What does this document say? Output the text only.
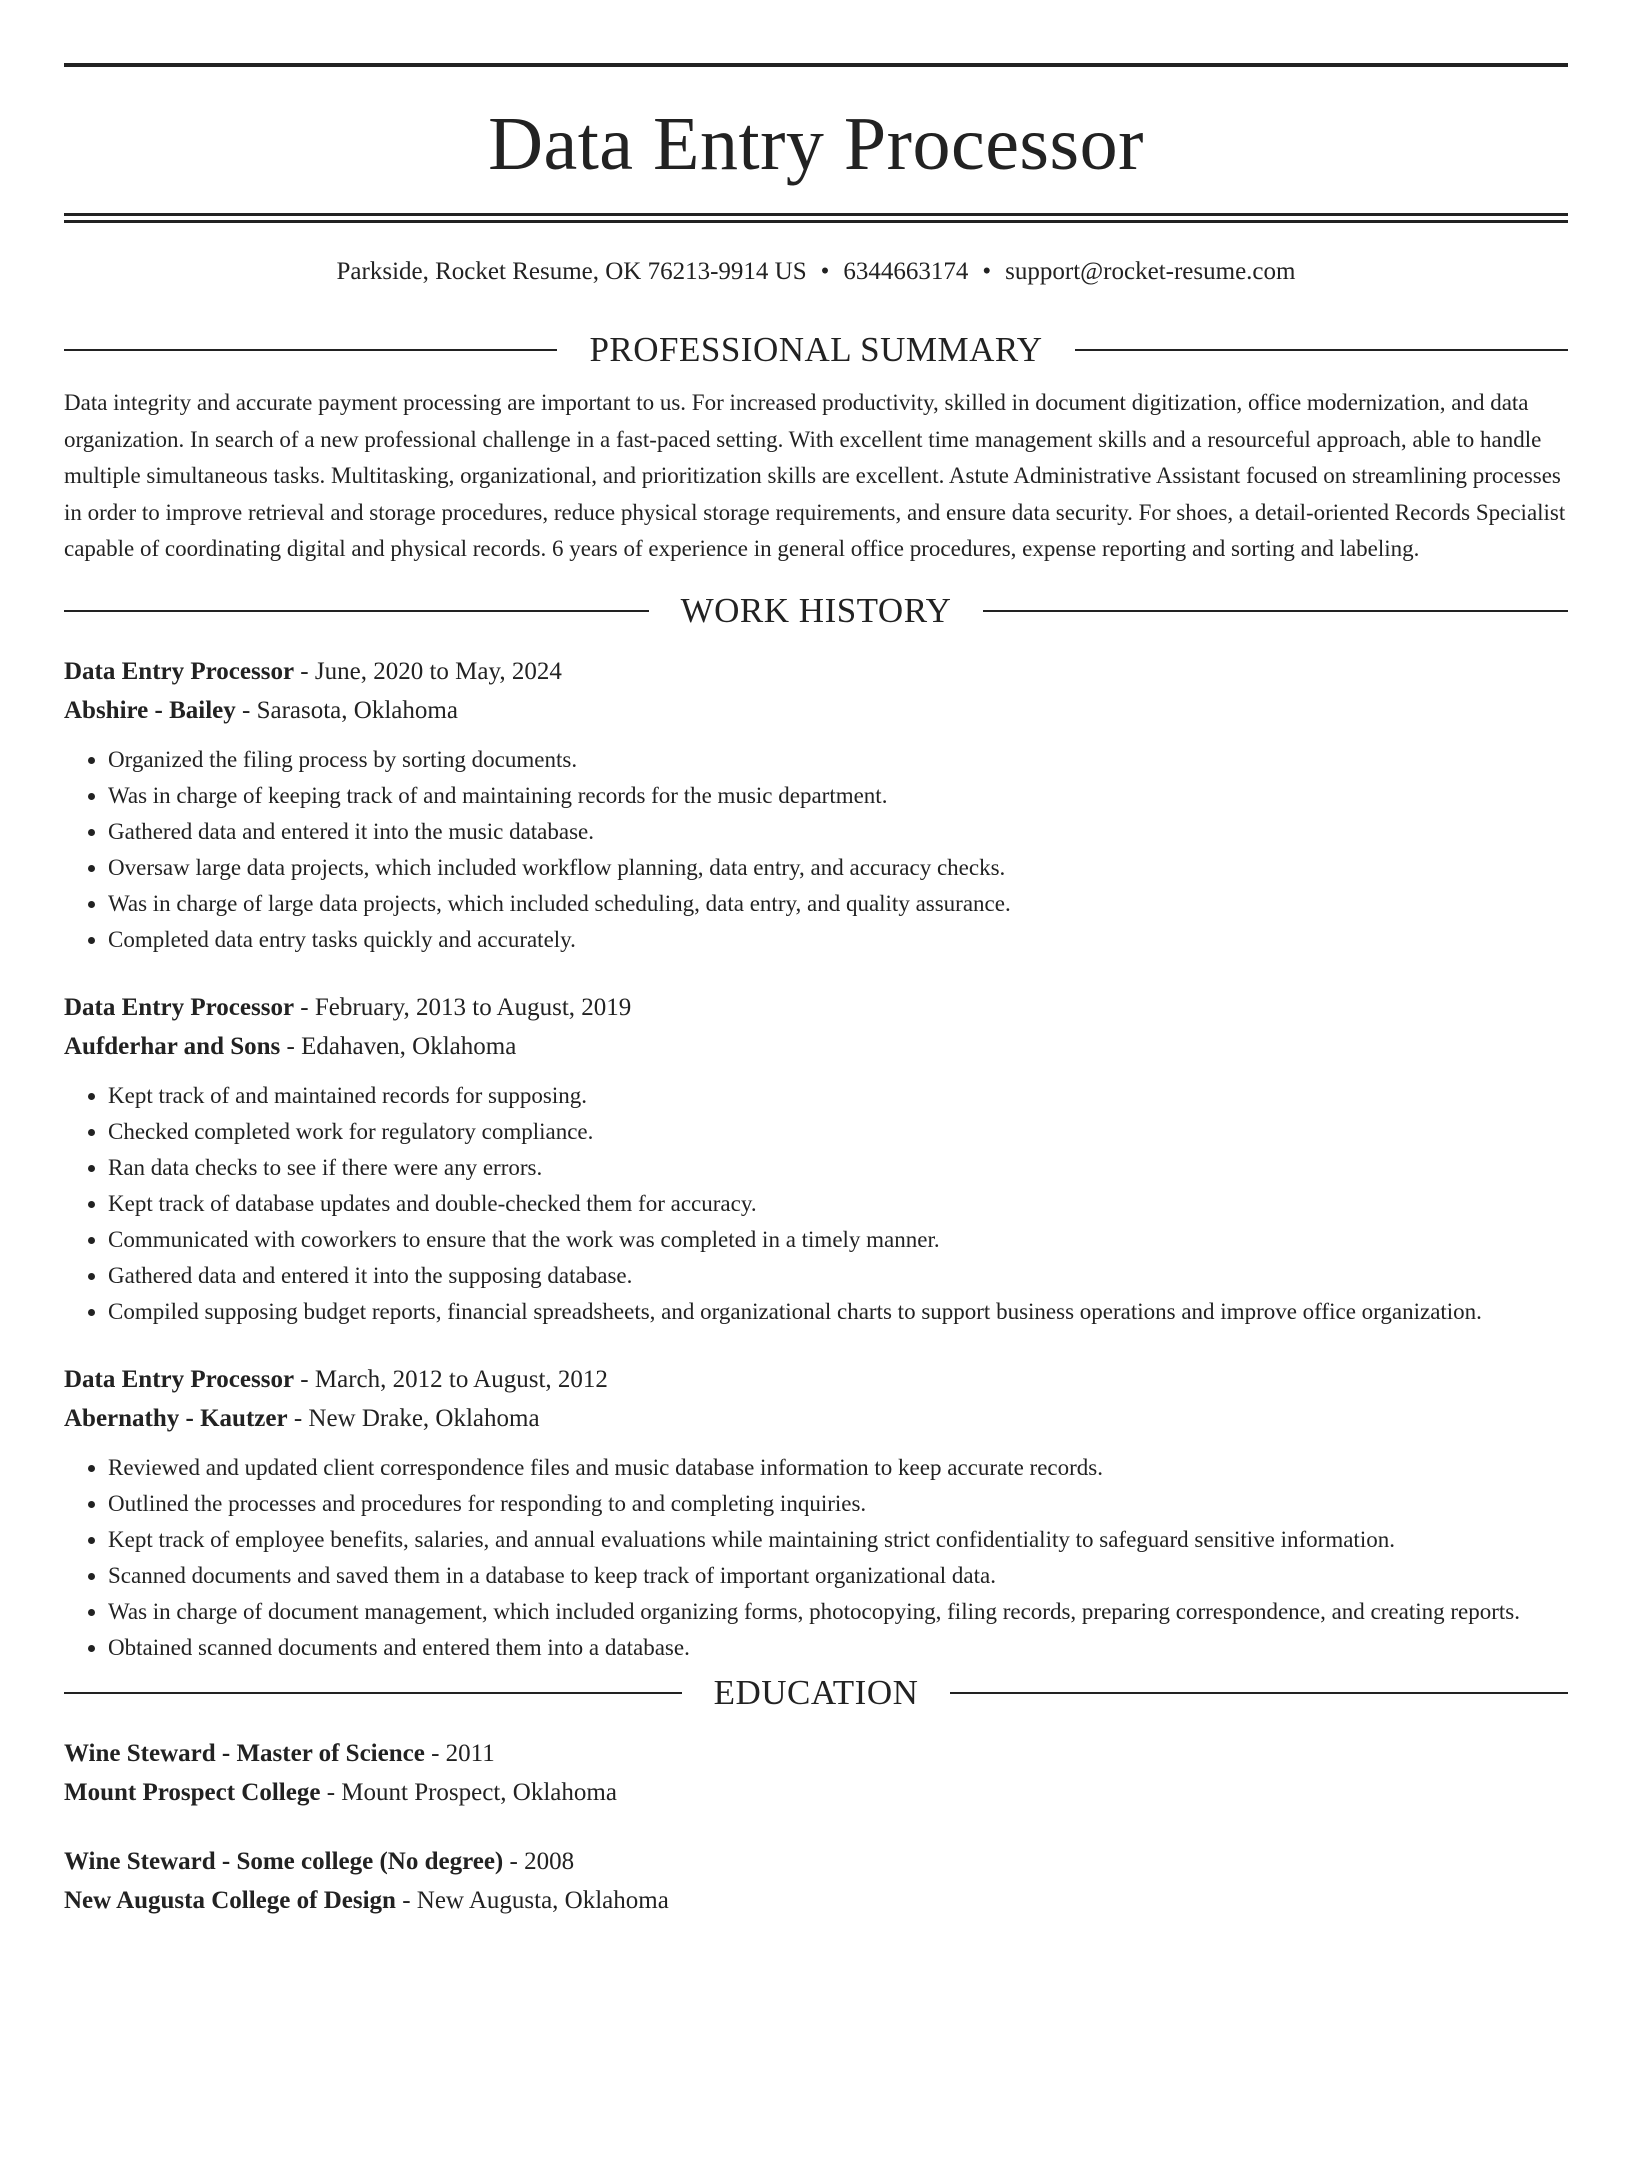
Data Entry Processor
Parkside, Rocket Resume, OK 76213-9914 US • 6344663174 • support@rocket-resume.com
PROFESSIONAL SUMMARY

Data integrity and accurate payment processing are important to us. For increased productivity, skilled in document digitization, office modernization, and data organization. In search of a new professional challenge in a fast-paced setting. With excellent time management skills and a resourceful approach, able to handle multiple simultaneous tasks. Multitasking, organizational, and prioritization skills are excellent. Astute Administrative Assistant focused on streamlining processes in order to improve retrieval and storage procedures, reduce physical storage requirements, and ensure data security. For shoes, a detail-oriented Records Specialist capable of coordinating digital and physical records. 6 years of experience in general office procedures, expense reporting and sorting and labeling.

WORK HISTORY
Data Entry Processor - June, 2020 to May, 2024
Abshire - Bailey - Sarasota, Oklahoma
• Organized the filing process by sorting documents.
• Was in charge of keeping track of and maintaining records for the music department.
• Gathered data and entered it into the music database.
• Oversaw large data projects, which included workflow planning, data entry, and accuracy checks.
• Was in charge of large data projects, which included scheduling, data entry, and quality assurance.
• Completed data entry tasks quickly and accurately.
Data Entry Processor - February, 2013 to August, 2019
Aufderhar and Sons - Edahaven, Oklahoma
• Kept track of and maintained records for supposing.
• Checked completed work for regulatory compliance.
• Ran data checks to see if there were any errors.
• Kept track of database updates and double-checked them for accuracy.
• Communicated with coworkers to ensure that the work was completed in a timely manner.
• Gathered data and entered it into the supposing database.
• Compiled supposing budget reports, financial spreadsheets, and organizational charts to support business operations and improve office organization.
Data Entry Processor - March, 2012 to August, 2012
Abernathy - Kautzer - New Drake, Oklahoma
• Reviewed and updated client correspondence files and music database information to keep accurate records.
• Outlined the processes and procedures for responding to and completing inquiries.
• Kept track of employee benefits, salaries, and annual evaluations while maintaining strict confidentiality to safeguard sensitive information.
• Scanned documents and saved them in a database to keep track of important organizational data.
• Was in charge of document management, which included organizing forms, photocopying, filing records, preparing correspondence, and creating reports.
• Obtained scanned documents and entered them into a database.
EDUCATION
Wine Steward - Master of Science - 2011
Mount Prospect College - Mount Prospect, Oklahoma
Wine Steward - Some college (No degree) - 2008
New Augusta College of Design - New Augusta, Oklahoma
